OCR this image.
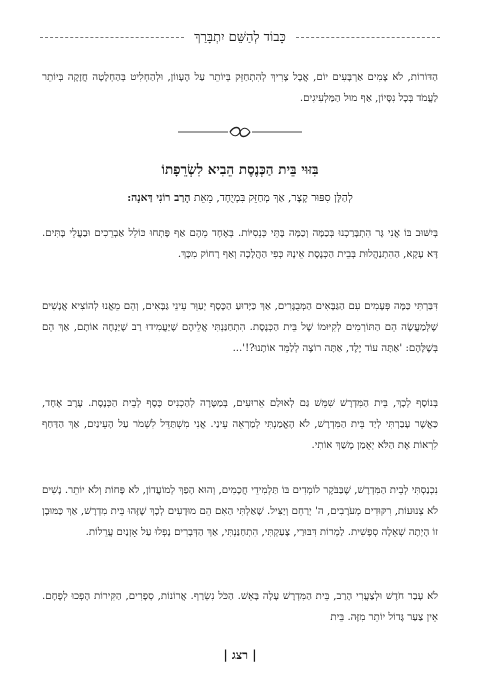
כָּבוֹד לְהַשֵּׁם יִתְבָּרַךְ

הַדּוֹרוֹת, לֹא צָמִים אַרְבָּעִים יוֹם, אֲבָל צָרִיךְ לְהִתְחַזֵּק בְּיוֹתֵר עַל הֶעָווֹן, וּלְהַחְלִיט בְּהַחְלָטָה חֲזָקָה בְּיוֹתֵר לַעֲמֹד בְּכָל נִסָּיוֹן, אַף מוּל הַמַּלְעִיגִים.

בִּזּוּי בֵּית הַכְּנֶסֶת הֵבִיא לִשְׂרֵפָתוֹ
לְהַלָּן סִפּוּר קָצָר, אַךְ מְחַזֵּק בִּמְיֻחָד, מֵאֵת הָרַב רוֹנִי דַּאנָה:

בְּיִשּׁוּב בּוֹ אֲנִי גָּר הִתְבָּרַכְנוּ בְּכַמָּה וְכַמָּה בָּתֵּי כְּנֵסִיּוֹת. בְּאֶחָד מֵהֶם אַף פָּתְחוּ כּוֹלֵל אַבְרֵכִים וּבַעֲלֵי בָּתִּים. דָּא עָקָא, הַהִתְנַהֲלוּת בְּבֵית הַכְּנֶסֶת אֵינָהּ כְּפִי הַהֲלָכָה וְאַף רָחוֹק מִכָּךְ.

דִּבַּרְתִּי כַּמָּה פְּעָמִים עִם הַגַּבָּאִים הַמְּבֻגָּרִים, אַךְ כַּיָּדוּעַ הַכֶּסֶף יְעַוֵּר עֵינֵי גַּבָּאִים, וְהֵם מֵאֲנוּ לְהוֹצִיא אֲנָשִׁים שֶׁלְּמַעֲשֶׂה הֵם הַתּוֹרְמִים לְקִיּוּמוֹ שֶׁל בֵּית הַכְּנֶסֶת. הִתְחַנַּנְתִּי אֲלֵיהֶם שֶׁיַּעֲמִידוּ רַב שֶׁיַּנְחֶה אוֹתָם, אַךְ הֵם בְּשֶׁלָּהֶם: 'אַתָּה עוֹד יֶלֶד, אַתָּה רוֹצֶה לְלַמֵּד אוֹתָנוּ?!'...

בְּנוֹסָף לְכָךְ, בֵּית הַמִּדְרָשׁ שִׁמֵּשׁ גַּם לְאוּלַם אֵרוּעִים, בְּמַטָּרָה לְהַכְנִיס כֶּסֶף לְבֵית הַכְּנֶסֶת. עֶרֶב אֶחָד, כַּאֲשֶׁר עָבַרְתִּי לְיַד בֵּית הַמִּדְרָשׁ, לֹא הֶאֱמַנְתִּי לְמַרְאֵה עֵינַי. אֲנִי מִשְׁתַּדֵּל לִשְׁמֹר עַל הָעֵינַיִם, אַךְ הַדַּחַף לִרְאוֹת אֶת הַלֹּא יְאֻמַן מָשַׁךְ אוֹתִי.

נִכְנַסְתִּי לְבֵית הַמִּדְרָשׁ, שֶׁבַּבֹּקֶר לוֹמְדִים בּוֹ תַּלְמִידֵי חֲכָמִים, וְהוּא הָפַךְ לְמוֹעֲדוֹן, לֹא פָּחוֹת וְלֹא יוֹתֵר. נָשִׁים לֹא צְנוּעוֹת, רִקּוּדִים מְעֹרָבִים, ה' יְרַחֵם וְיַצִּיל. שָׁאַלְתִּי הַאִם הֵם מוּדָעִים לְכָךְ שֶׁזֶּהוּ בֵּית מִדְרָשׁ, אַךְ כַּמּוּבָן זוֹ הָיְתָה שְׁאֵלָה סְפֶשִׁית. לַמְרוֹת דִּבּוּרַי, צָעַקְתִּי, הִתְחַנַּנְתִּי, אַךְ הַדְּבָרִים נָפְלוּ עַל אָזְנַיִם עֲרֵלוֹת.

לֹא עָבַר חֹדֶשׁ וּלְצַעֲרִי הָרַב, בֵּית הַמִּדְרָשׁ עָלָה בָּאֵשׁ. הַכֹּל נִשְׂרַף. אֲרוֹנוֹת, סְפָרִים, הַקִּירוֹת הָפְכוּ לְפֶחָם. אֵין צַעַר גָּדוֹל יוֹתֵר מִזֶּה. בֵּית

| רצג |
